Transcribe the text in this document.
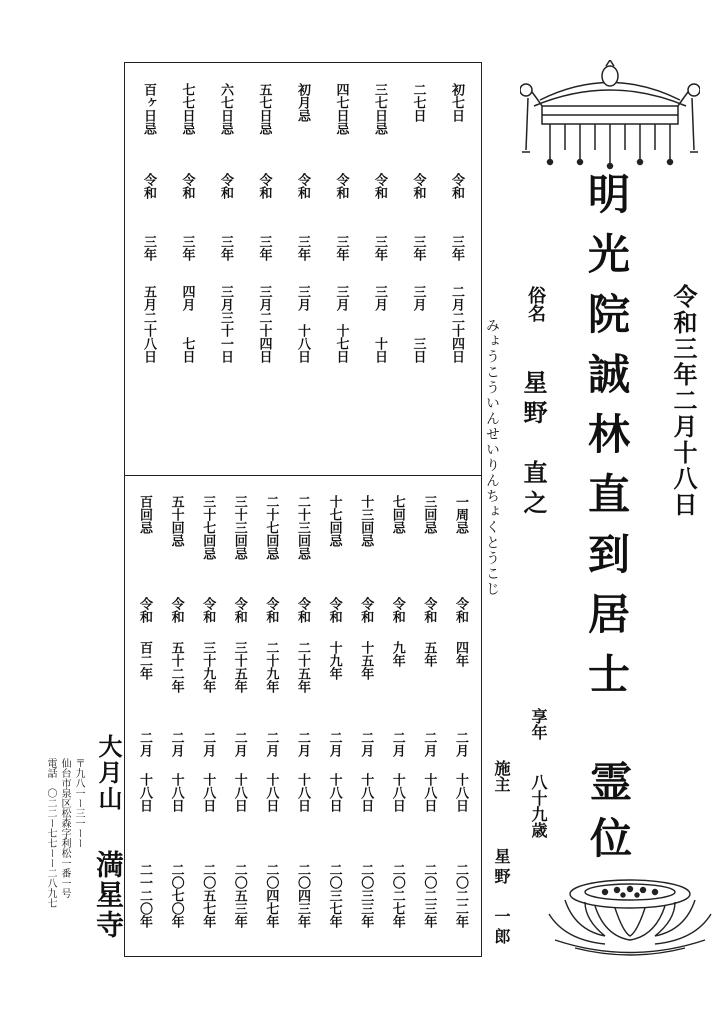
令和三年二月十八日
明光院誠林直到居士
霊位
俗名
星野　直之
みょうこういんせいりんちょくとうこじ
享年
八十九歳
施主
星野　一郎
大月山
満星寺
〒九八一ー三一ーー
仙台市泉区松森字利松一番一号
電話　〇二二ー七七ーー二八九七
初七日
令和
三年
二月二十四日
二七日
令和
三年
三月　　三日
三七日忌
令和
三年
三月　　十日
四七日忌
令和
三年
三月　十七日
初月忌
令和
三年
三月　十八日
五七日忌
令和
三年
三月二十四日
六七日忌
令和
三年
三月三十一日
七七日忌
令和
三年
四月　　七日
百ヶ日忌
令和
三年
五月二十八日
一周忌
令和
四年
二月
十八日
二〇二二年
三回忌
令和
五年
二月
十八日
二〇二三年
七回忌
令和
九年
二月
十八日
二〇二七年
十三回忌
令和
十五年
二月
十八日
二〇三三年
十七回忌
令和
十九年
二月
十八日
二〇三七年
二十三回忌
令和
二十五年
二月
十八日
二〇四三年
二十七回忌
令和
二十九年
二月
十八日
二〇四七年
三十三回忌
令和
三十五年
二月
十八日
二〇五三年
三十七回忌
令和
三十九年
二月
十八日
二〇五七年
五十回忌
令和
五十二年
二月
十八日
二〇七〇年
百回忌
令和
百二年
二月
十八日
二一二〇年
